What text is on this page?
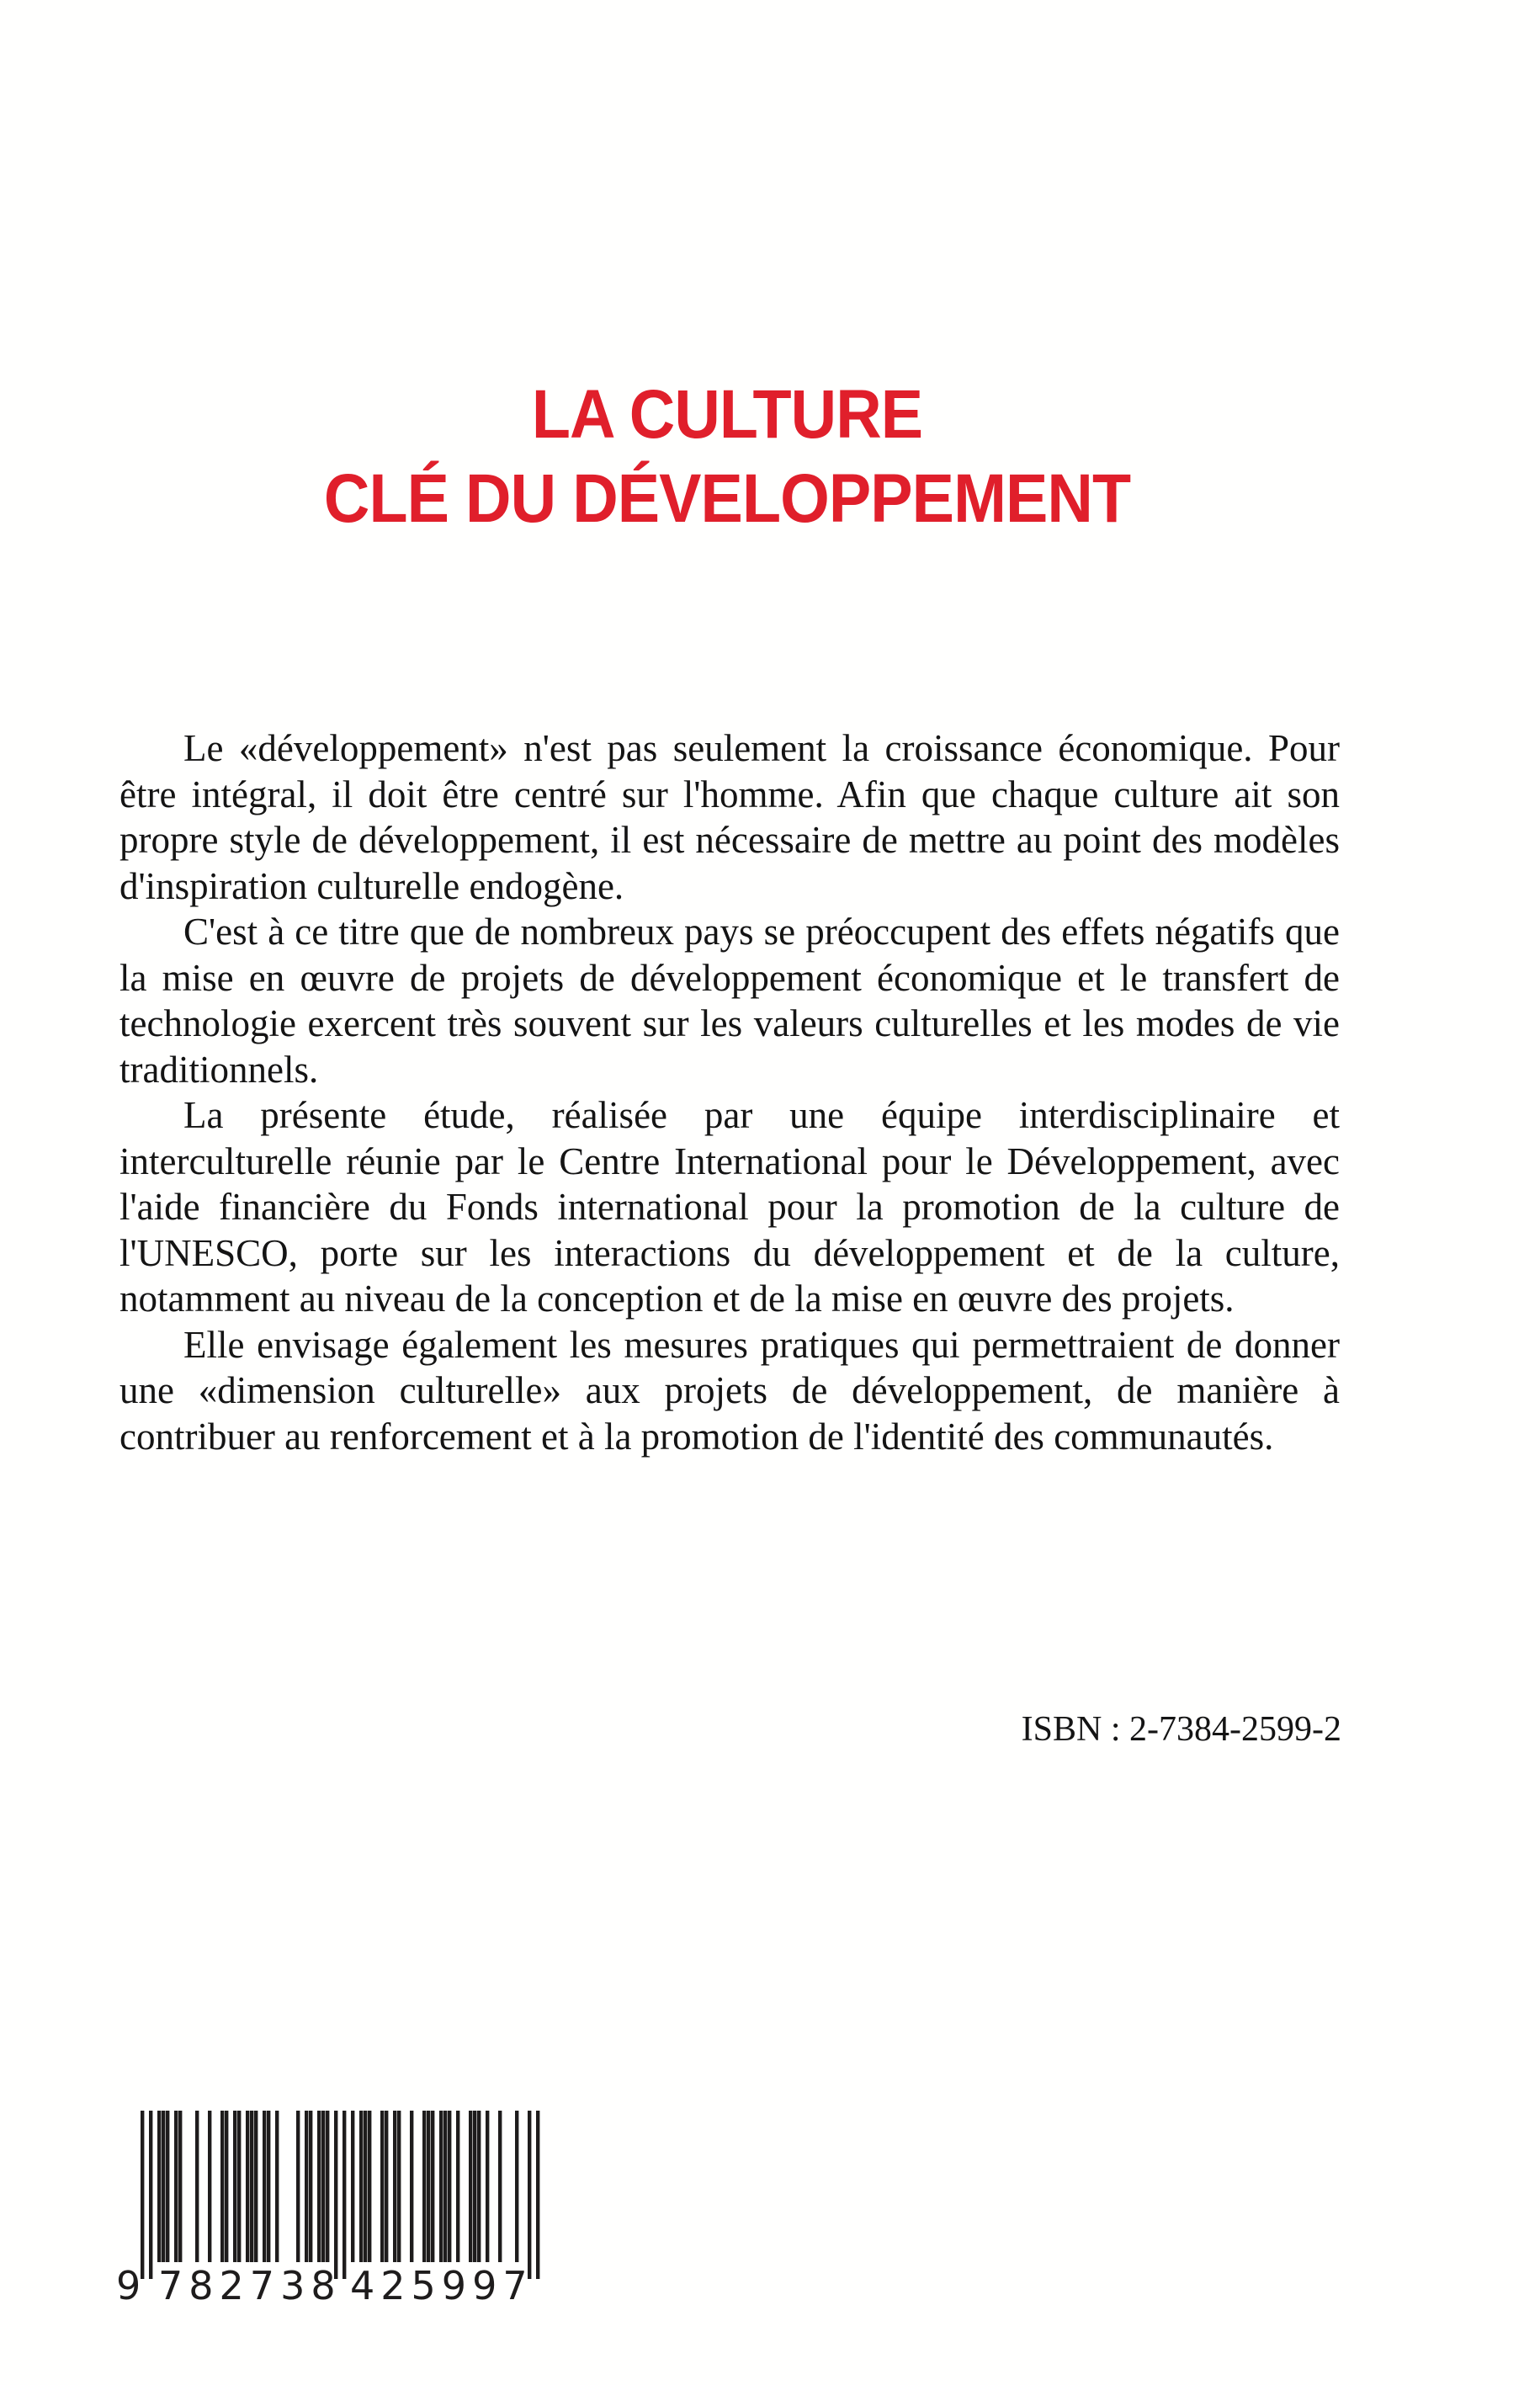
LA CULTURE
CLÉ DU DÉVELOPPEMENT

Le «développement» n'est pas seulement la croissance économique. Pour être intégral, il doit être centré sur l'homme. Afin que chaque culture ait son propre style de développement, il est nécessaire de mettre au point des modèles d'inspiration culturelle endogène.

C'est à ce titre que de nombreux pays se préoccupent des effets négatifs que la mise en œuvre de projets de développement économique et le transfert de technologie exercent très souvent sur les valeurs culturelles et les modes de vie traditionnels.

La présente étude, réalisée par une équipe interdisciplinaire et interculturelle réunie par le Centre International pour le Développement, avec l'aide financière du Fonds international pour la promotion de la culture de l'UNESCO, porte sur les interactions du développement et de la culture, notamment au niveau de la conception et de la mise en œuvre des projets.

Elle envisage également les mesures pratiques qui permettraient de donner une «dimension culturelle» aux projets de développement, de manière à contribuer au renforcement et à la promotion de l'identité des communautés.

ISBN : 2-7384-2599-2
9 782738 425997
